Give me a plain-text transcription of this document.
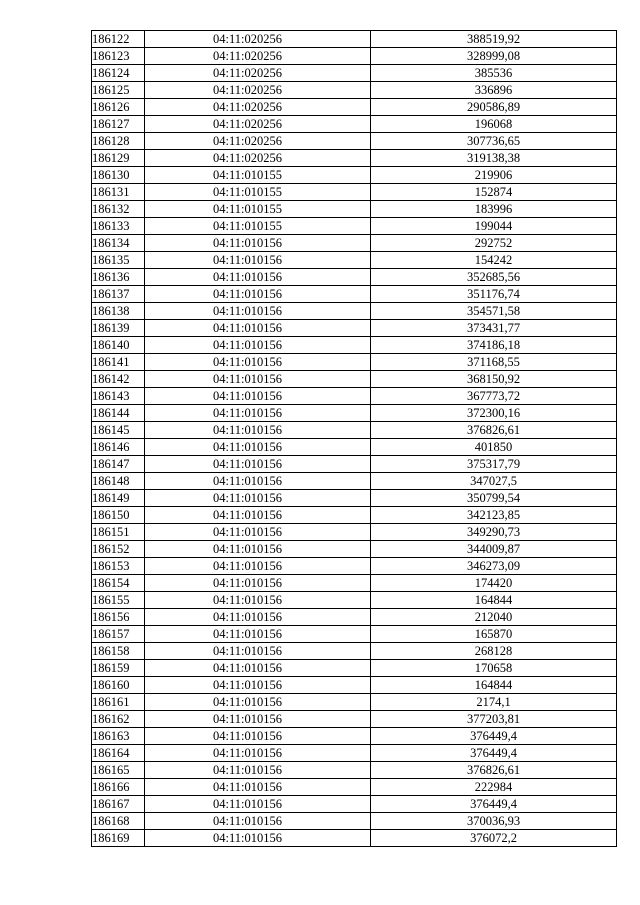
186122	04:11:020256	388519,92
186123	04:11:020256	328999,08
186124	04:11:020256	385536
186125	04:11:020256	336896
186126	04:11:020256	290586,89
186127	04:11:020256	196068
186128	04:11:020256	307736,65
186129	04:11:020256	319138,38
186130	04:11:010155	219906
186131	04:11:010155	152874
186132	04:11:010155	183996
186133	04:11:010155	199044
186134	04:11:010156	292752
186135	04:11:010156	154242
186136	04:11:010156	352685,56
186137	04:11:010156	351176,74
186138	04:11:010156	354571,58
186139	04:11:010156	373431,77
186140	04:11:010156	374186,18
186141	04:11:010156	371168,55
186142	04:11:010156	368150,92
186143	04:11:010156	367773,72
186144	04:11:010156	372300,16
186145	04:11:010156	376826,61
186146	04:11:010156	401850
186147	04:11:010156	375317,79
186148	04:11:010156	347027,5
186149	04:11:010156	350799,54
186150	04:11:010156	342123,85
186151	04:11:010156	349290,73
186152	04:11:010156	344009,87
186153	04:11:010156	346273,09
186154	04:11:010156	174420
186155	04:11:010156	164844
186156	04:11:010156	212040
186157	04:11:010156	165870
186158	04:11:010156	268128
186159	04:11:010156	170658
186160	04:11:010156	164844
186161	04:11:010156	2174,1
186162	04:11:010156	377203,81
186163	04:11:010156	376449,4
186164	04:11:010156	376449,4
186165	04:11:010156	376826,61
186166	04:11:010156	222984
186167	04:11:010156	376449,4
186168	04:11:010156	370036,93
186169	04:11:010156	376072,2
